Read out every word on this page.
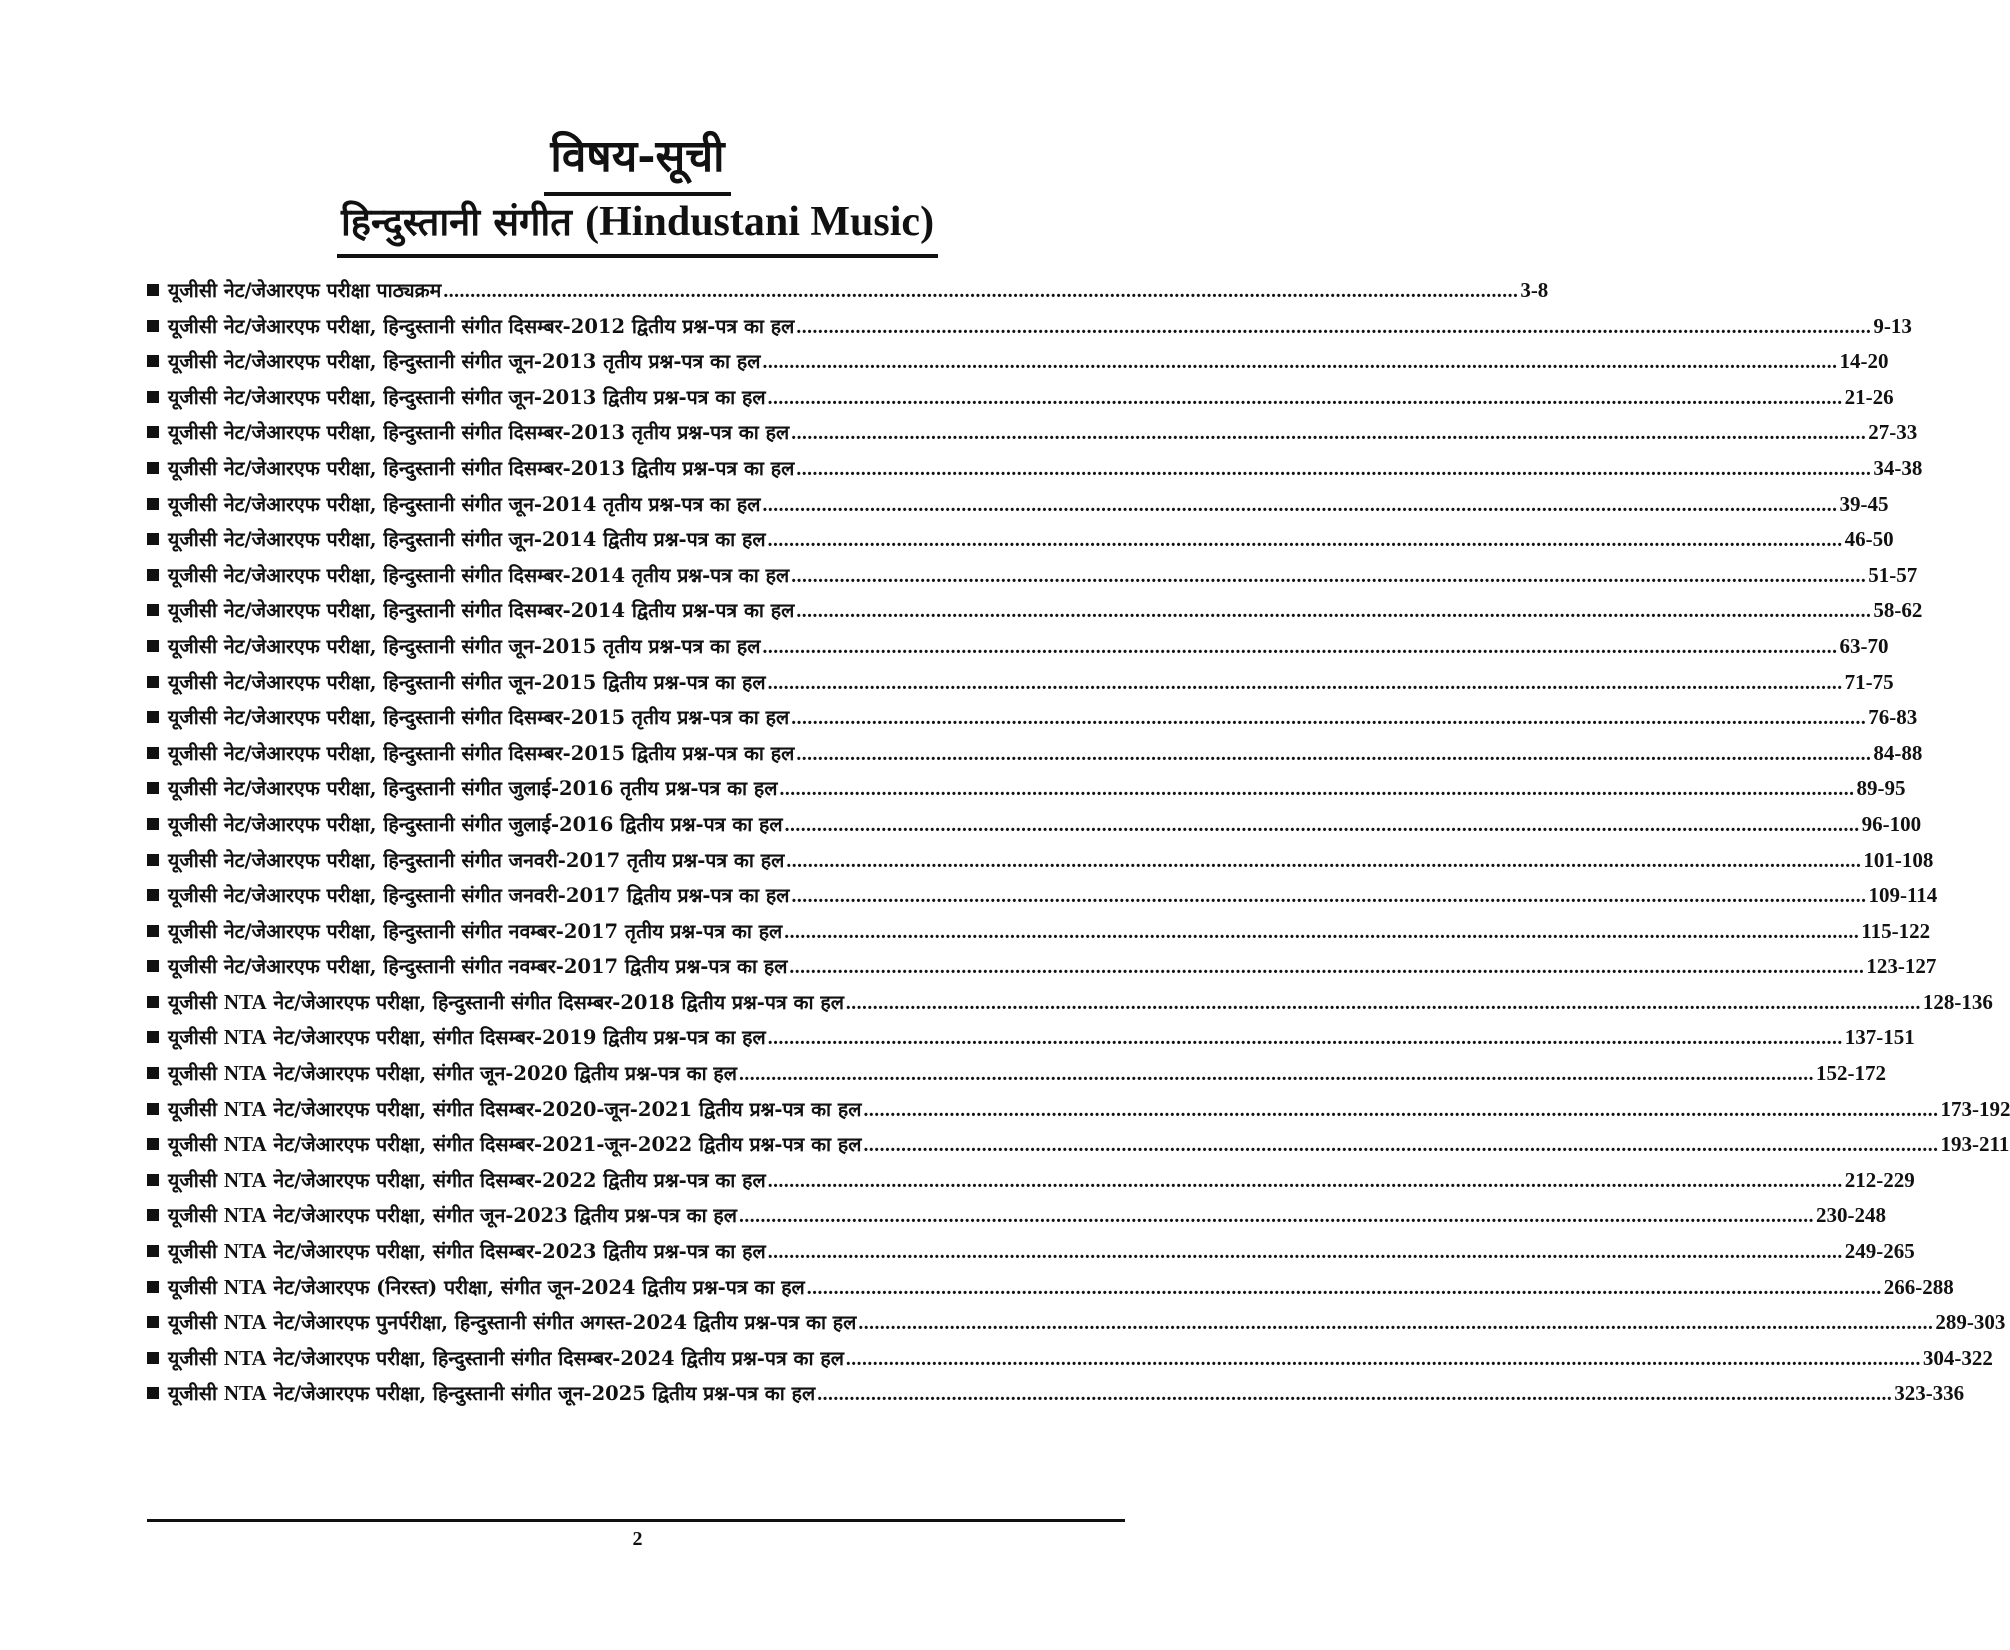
विषय-सूची
हिन्दुस्तानी संगीत (Hindustani Music)
यूजीसी नेट/जेआरएफ परीक्षा पाठ्यक्रम .....	3-8
यूजीसी नेट/जेआरएफ परीक्षा, हिन्दुस्तानी संगीत दिसम्बर-2012 द्वितीय प्रश्न-पत्र का हल .....	9-13
यूजीसी नेट/जेआरएफ परीक्षा, हिन्दुस्तानी संगीत जून-2013 तृतीय प्रश्न-पत्र का हल .....	14-20
यूजीसी नेट/जेआरएफ परीक्षा, हिन्दुस्तानी संगीत जून-2013 द्वितीय प्रश्न-पत्र का हल .....	21-26
यूजीसी नेट/जेआरएफ परीक्षा, हिन्दुस्तानी संगीत दिसम्बर-2013 तृतीय प्रश्न-पत्र का हल .....	27-33
यूजीसी नेट/जेआरएफ परीक्षा, हिन्दुस्तानी संगीत दिसम्बर-2013 द्वितीय प्रश्न-पत्र का हल .....	34-38
यूजीसी नेट/जेआरएफ परीक्षा, हिन्दुस्तानी संगीत जून-2014 तृतीय प्रश्न-पत्र का हल .....	39-45
यूजीसी नेट/जेआरएफ परीक्षा, हिन्दुस्तानी संगीत जून-2014 द्वितीय प्रश्न-पत्र का हल .....	46-50
यूजीसी नेट/जेआरएफ परीक्षा, हिन्दुस्तानी संगीत दिसम्बर-2014 तृतीय प्रश्न-पत्र का हल .....	51-57
यूजीसी नेट/जेआरएफ परीक्षा, हिन्दुस्तानी संगीत दिसम्बर-2014 द्वितीय प्रश्न-पत्र का हल .....	58-62
यूजीसी नेट/जेआरएफ परीक्षा, हिन्दुस्तानी संगीत जून-2015 तृतीय प्रश्न-पत्र का हल .....	63-70
यूजीसी नेट/जेआरएफ परीक्षा, हिन्दुस्तानी संगीत जून-2015 द्वितीय प्रश्न-पत्र का हल .....	71-75
यूजीसी नेट/जेआरएफ परीक्षा, हिन्दुस्तानी संगीत दिसम्बर-2015 तृतीय प्रश्न-पत्र का हल .....	76-83
यूजीसी नेट/जेआरएफ परीक्षा, हिन्दुस्तानी संगीत दिसम्बर-2015 द्वितीय प्रश्न-पत्र का हल .....	84-88
यूजीसी नेट/जेआरएफ परीक्षा, हिन्दुस्तानी संगीत जुलाई-2016 तृतीय प्रश्न-पत्र का हल .....	89-95
यूजीसी नेट/जेआरएफ परीक्षा, हिन्दुस्तानी संगीत जुलाई-2016 द्वितीय प्रश्न-पत्र का हल .....	96-100
यूजीसी नेट/जेआरएफ परीक्षा, हिन्दुस्तानी संगीत जनवरी-2017 तृतीय प्रश्न-पत्र का हल .....	101-108
यूजीसी नेट/जेआरएफ परीक्षा, हिन्दुस्तानी संगीत जनवरी-2017 द्वितीय प्रश्न-पत्र का हल .....	109-114
यूजीसी नेट/जेआरएफ परीक्षा, हिन्दुस्तानी संगीत नवम्बर-2017 तृतीय प्रश्न-पत्र का हल .....	115-122
यूजीसी नेट/जेआरएफ परीक्षा, हिन्दुस्तानी संगीत नवम्बर-2017 द्वितीय प्रश्न-पत्र का हल .....	123-127
यूजीसी NTA नेट/जेआरएफ परीक्षा, हिन्दुस्तानी संगीत दिसम्बर-2018 द्वितीय प्रश्न-पत्र का हल .....	128-136
यूजीसी NTA नेट/जेआरएफ परीक्षा, संगीत दिसम्बर-2019 द्वितीय प्रश्न-पत्र का हल .....	137-151
यूजीसी NTA नेट/जेआरएफ परीक्षा, संगीत जून-2020 द्वितीय प्रश्न-पत्र का हल .....	152-172
यूजीसी NTA नेट/जेआरएफ परीक्षा, संगीत दिसम्बर-2020-जून-2021 द्वितीय प्रश्न-पत्र का हल .....	173-192
यूजीसी NTA नेट/जेआरएफ परीक्षा, संगीत दिसम्बर-2021-जून-2022 द्वितीय प्रश्न-पत्र का हल .....	193-211
यूजीसी NTA नेट/जेआरएफ परीक्षा, संगीत दिसम्बर-2022 द्वितीय प्रश्न-पत्र का हल .....	212-229
यूजीसी NTA नेट/जेआरएफ परीक्षा, संगीत जून-2023 द्वितीय प्रश्न-पत्र का हल .....	230-248
यूजीसी NTA नेट/जेआरएफ परीक्षा, संगीत दिसम्बर-2023 द्वितीय प्रश्न-पत्र का हल .....	249-265
यूजीसी NTA नेट/जेआरएफ (निरस्त) परीक्षा, संगीत जून-2024 द्वितीय प्रश्न-पत्र का हल .....	266-288
यूजीसी NTA नेट/जेआरएफ पुनर्परीक्षा, हिन्दुस्तानी संगीत अगस्त-2024 द्वितीय प्रश्न-पत्र का हल .....	289-303
यूजीसी NTA नेट/जेआरएफ परीक्षा, हिन्दुस्तानी संगीत दिसम्बर-2024 द्वितीय प्रश्न-पत्र का हल .....	304-322
यूजीसी NTA नेट/जेआरएफ परीक्षा, हिन्दुस्तानी संगीत जून-2025 द्वितीय प्रश्न-पत्र का हल .....	323-336
2
